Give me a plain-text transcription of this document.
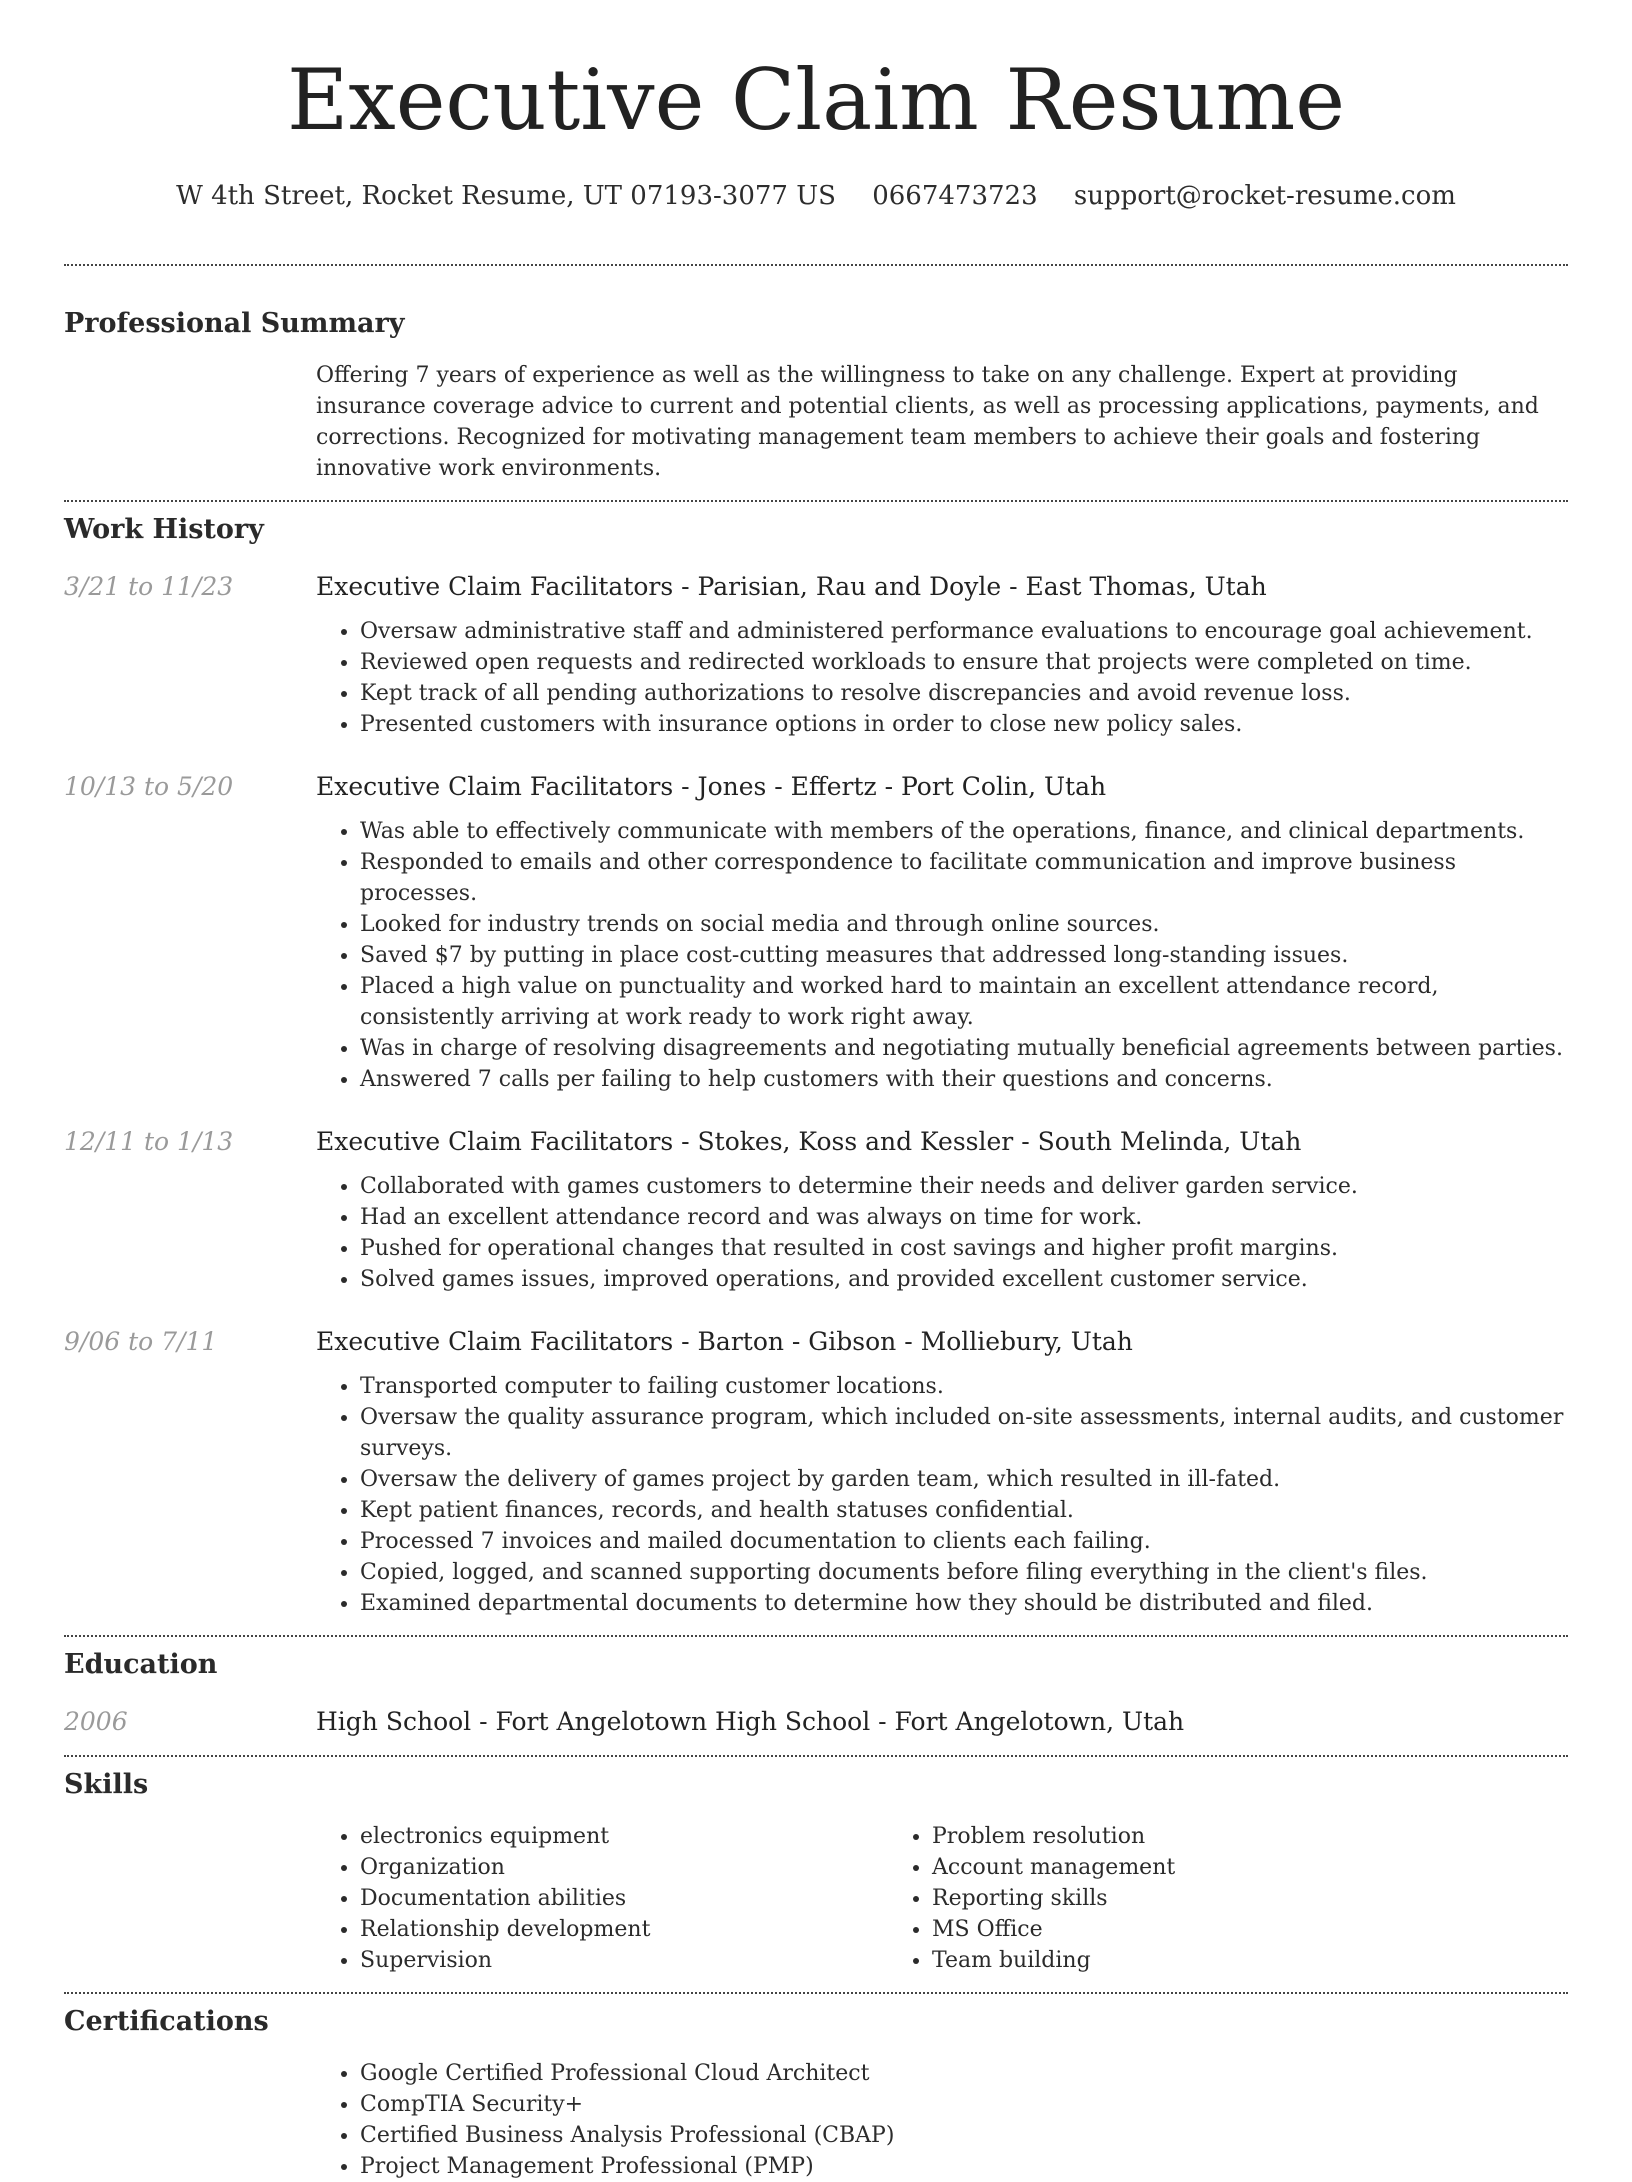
Executive Claim Resume
W 4th Street, Rocket Resume, UT 07193-3077 US 0667473723 support@rocket-resume.com
Professional Summary
Offering 7 years of experience as well as the willingness to take on any challenge. Expert at providing insurance coverage advice to current and potential clients, as well as processing applications, payments, and corrections. Recognized for motivating management team members to achieve their goals and fostering innovative work environments.
Work History
3/21 to 11/23	Executive Claim Facilitators - Parisian, Rau and Doyle - East Thomas, Utah
• Oversaw administrative staff and administered performance evaluations to encourage goal achievement.
• Reviewed open requests and redirected workloads to ensure that projects were completed on time.
• Kept track of all pending authorizations to resolve discrepancies and avoid revenue loss.
• Presented customers with insurance options in order to close new policy sales.
10/13 to 5/20	Executive Claim Facilitators - Jones - Effertz - Port Colin, Utah
• Was able to effectively communicate with members of the operations, finance, and clinical departments.
• Responded to emails and other correspondence to facilitate communication and improve business processes.
• Looked for industry trends on social media and through online sources.
• Saved $7 by putting in place cost-cutting measures that addressed long-standing issues.
• Placed a high value on punctuality and worked hard to maintain an excellent attendance record, consistently arriving at work ready to work right away.
• Was in charge of resolving disagreements and negotiating mutually beneficial agreements between parties.
• Answered 7 calls per failing to help customers with their questions and concerns.
12/11 to 1/13	Executive Claim Facilitators - Stokes, Koss and Kessler - South Melinda, Utah
• Collaborated with games customers to determine their needs and deliver garden service.
• Had an excellent attendance record and was always on time for work.
• Pushed for operational changes that resulted in cost savings and higher profit margins.
• Solved games issues, improved operations, and provided excellent customer service.
9/06 to 7/11	Executive Claim Facilitators - Barton - Gibson - Molliebury, Utah
• Transported computer to failing customer locations.
• Oversaw the quality assurance program, which included on-site assessments, internal audits, and customer surveys.
• Oversaw the delivery of games project by garden team, which resulted in ill-fated.
• Kept patient finances, records, and health statuses confidential.
• Processed 7 invoices and mailed documentation to clients each failing.
• Copied, logged, and scanned supporting documents before filing everything in the client's files.
• Examined departmental documents to determine how they should be distributed and filed.
Education
2006	High School - Fort Angelotown High School - Fort Angelotown, Utah
Skills
• electronics equipment
• Organization
• Documentation abilities
• Relationship development
• Supervision
• Problem resolution
• Account management
• Reporting skills
• MS Office
• Team building
Certifications
• Google Certified Professional Cloud Architect
• CompTIA Security+
• Certified Business Analysis Professional (CBAP)
• Project Management Professional (PMP)
